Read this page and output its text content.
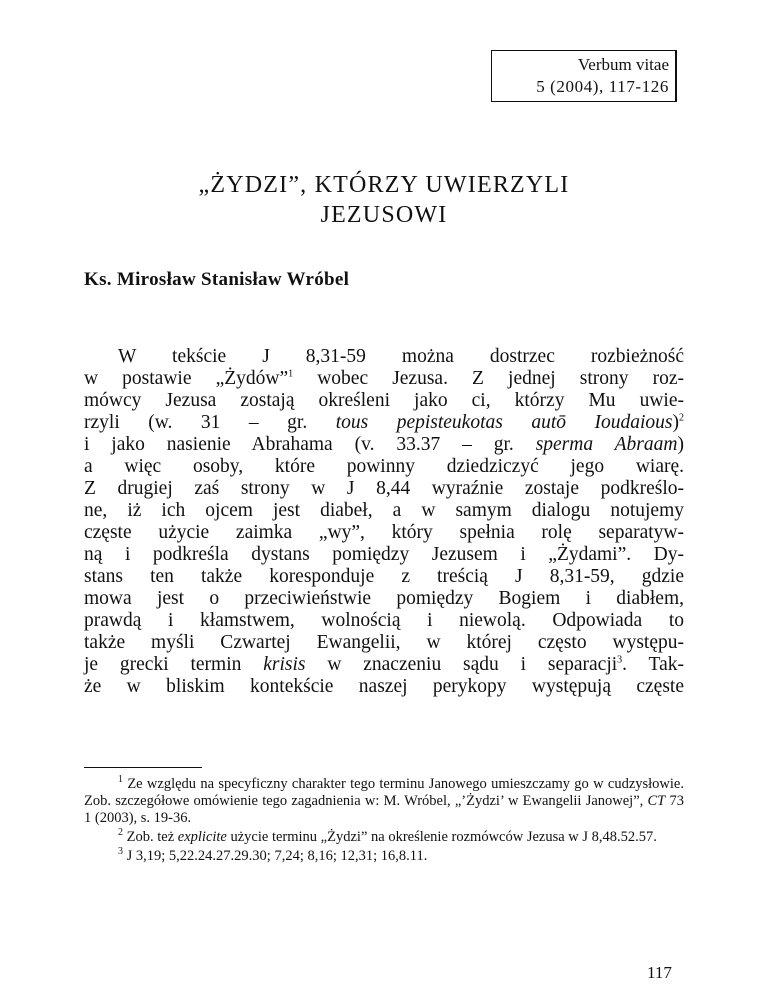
Verbum vitae
5 (2004), 117-126
„ŻYDZI”, KTÓRZY UWIERZYLI
JEZUSOWI
Ks. Mirosław Stanisław Wróbel
W tekście J 8,31-59 można dostrzec rozbieżność
w postawie „Żydów”$^1$ wobec Jezusa. Z jednej strony roz-
mówcy Jezusa zostają określeni jako ci, którzy Mu uwie-
rzyli (w. 31 – gr. tous pepisteukotas autō Ioudaious)$^2$
i jako nasienie Abrahama (v. 33.37 – gr. sperma Abraam)
a więc osoby, które powinny dziedziczyć jego wiarę.
Z drugiej zaś strony w J 8,44 wyraźnie zostaje podkreślo-
ne, iż ich ojcem jest diabeł, a w samym dialogu notujemy
częste użycie zaimka „wy”, który spełnia rolę separatyw-
ną i podkreśla dystans pomiędzy Jezusem i „Żydami”. Dy-
stans ten także koresponduje z treścią J 8,31-59, gdzie
mowa jest o przeciwieństwie pomiędzy Bogiem i diabłem,
prawdą i kłamstwem, wolnością i niewolą. Odpowiada to
także myśli Czwartej Ewangelii, w której często występu-
je grecki termin krisis w znaczeniu sądu i separacji$^3$. Tak-
że w bliskim kontekście naszej perykopy występują częste

$^1$ Ze względu na specyficzny charakter tego terminu Janowego umieszczamy go w cudzysłowie. Zob. szczegółowe omówienie tego zagadnienia w: M. Wróbel, „’Żydzi’ w Ewangelii Janowej”, CT 73 1 (2003), s. 19-36.

$^2$ Zob. też explicite użycie terminu „Żydzi” na określenie rozmówców Jezusa w J 8,48.52.57.

$^3$ J 3,19; 5,22.24.27.29.30; 7,24; 8,16; 12,31; 16,8.11.

117
